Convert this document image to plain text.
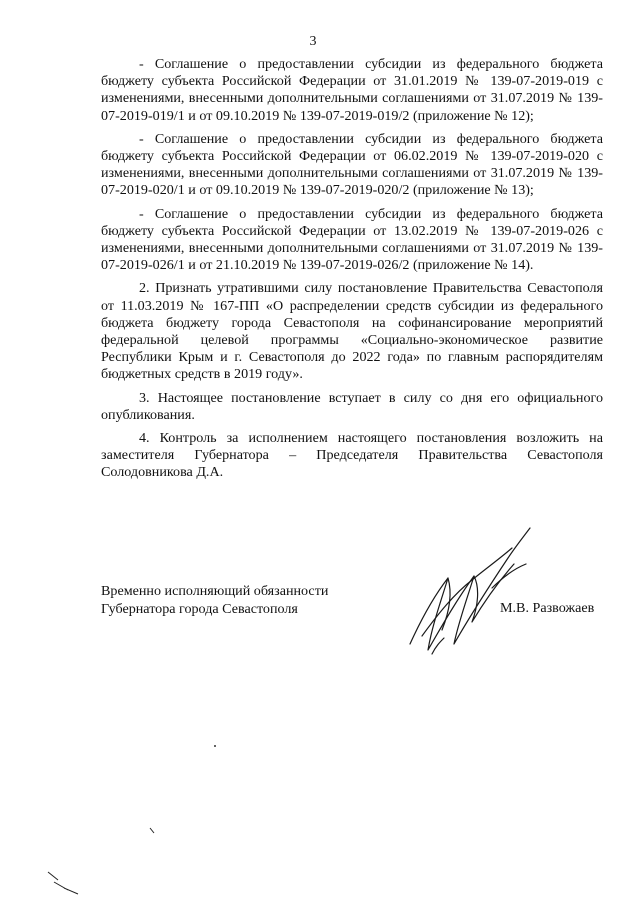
3

- Соглашение о предоставлении субсидии из федерального бюджета бюджету субъекта Российской Федерации от 31.01.2019 № 139-07-2019-019 с изменениями, внесенными дополнительными соглашениями от 31.07.2019 № 139-07-2019-019/1 и от 09.10.2019 № 139-07-2019-019/2 (приложение № 12);

- Соглашение о предоставлении субсидии из федерального бюджета бюджету субъекта Российской Федерации от 06.02.2019 № 139-07-2019-020 с изменениями, внесенными дополнительными соглашениями от 31.07.2019 № 139-07-2019-020/1 и от 09.10.2019 № 139-07-2019-020/2 (приложение № 13);

- Соглашение о предоставлении субсидии из федерального бюджета бюджету субъекта Российской Федерации от 13.02.2019 № 139-07-2019-026 с изменениями, внесенными дополнительными соглашениями от 31.07.2019 № 139-07-2019-026/1 и от 21.10.2019 № 139-07-2019-026/2 (приложение № 14).

2. Признать утратившими силу постановление Правительства Севастополя от 11.03.2019 № 167-ПП «О распределении средств субсидии из федерального бюджета бюджету города Севастополя на софинансирование мероприятий федеральной целевой программы «Социально-экономическое развитие Республики Крым и г. Севастополя до 2022 года» по главным распорядителям бюджетных средств в 2019 году».

3. Настоящее постановление вступает в силу со дня его официального опубликования.

4. Контроль за исполнением настоящего постановления возложить на заместителя Губернатора – Председателя Правительства Севастополя Солодовникова Д.А.

Временно исполняющий обязанности
Губернатора города Севастополя	М.В. Развожаев
